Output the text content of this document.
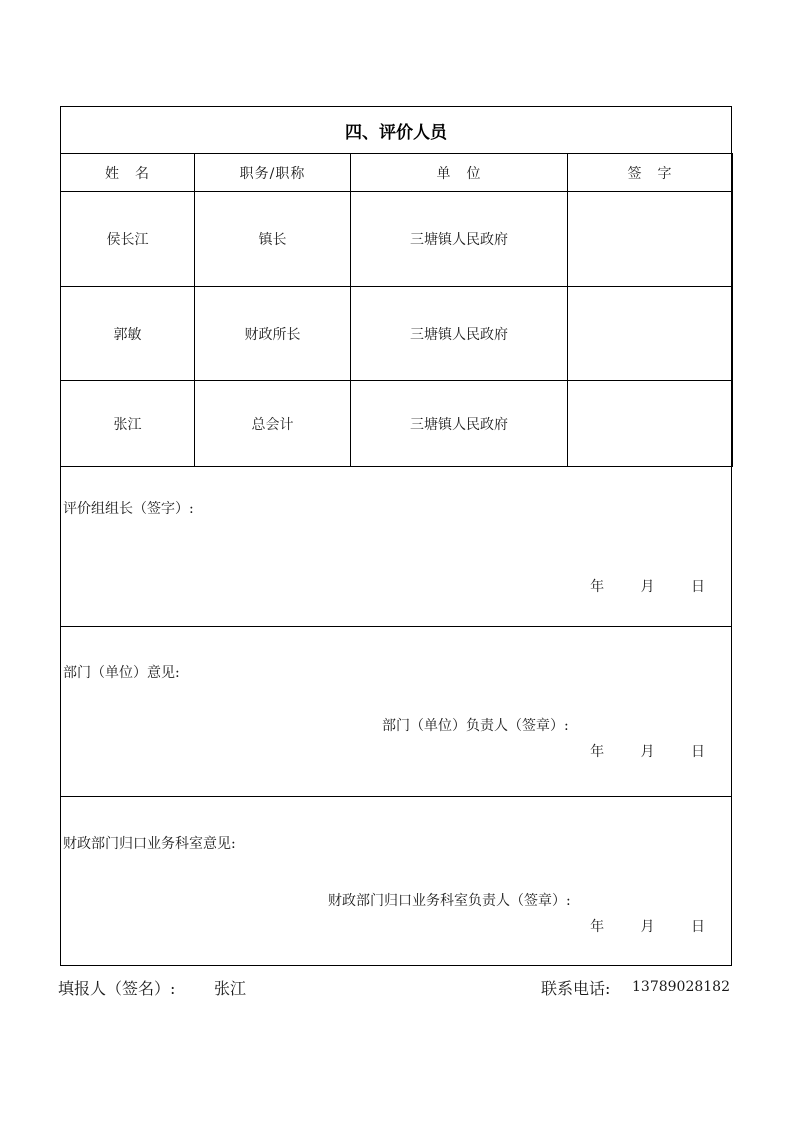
四、评价人员
姓　名	职务/职称	单　位	签　字
侯长江	镇长	三塘镇人民政府	
郭敏	财政所长	三塘镇人民政府	
张江	总会计	三塘镇人民政府	
评价组组长（签字）:
年	月	日
部门（单位）意见:
部门（单位）负责人（签章）:
年	月	日
财政部门归口业务科室意见:
财政部门归口业务科室负责人（签章）:
年	月	日
填报人（签名）: 张江	联系电话: 13789028182
